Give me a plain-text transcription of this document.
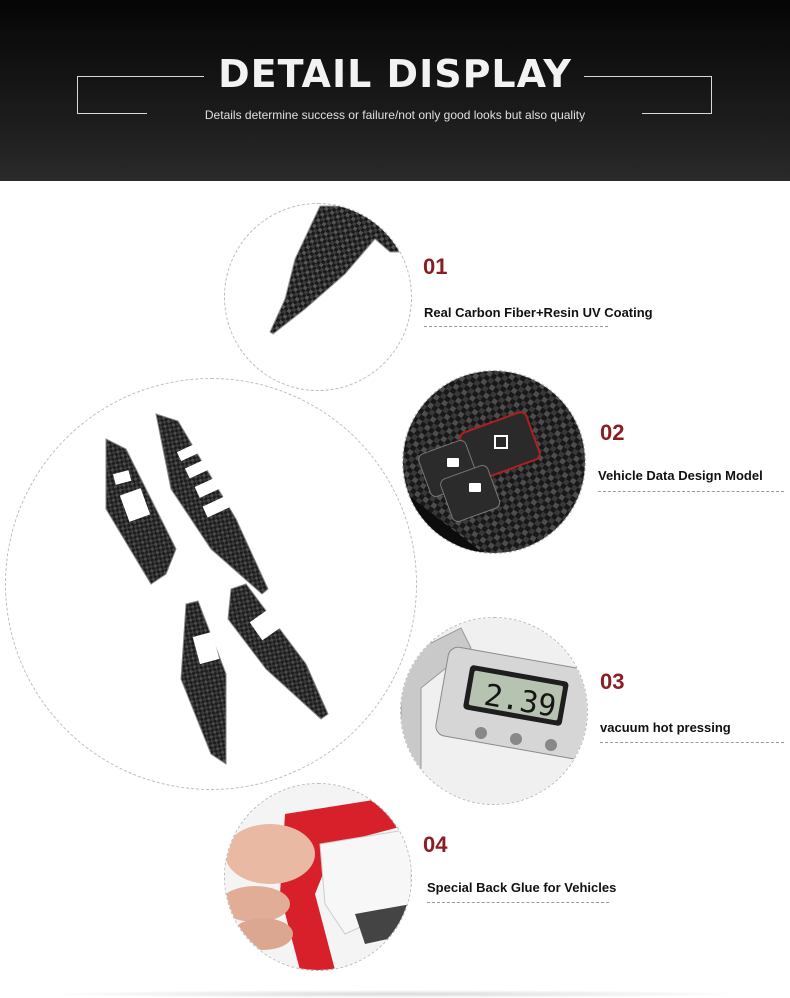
DETAIL DISPLAY
Details determine success or failure/not only good looks but also quality
01
Real Carbon Fiber+Resin UV Coating
02
Vehicle Data Design Model
2.39 03
vacuum hot pressing
04
Special Back Glue for Vehicles
